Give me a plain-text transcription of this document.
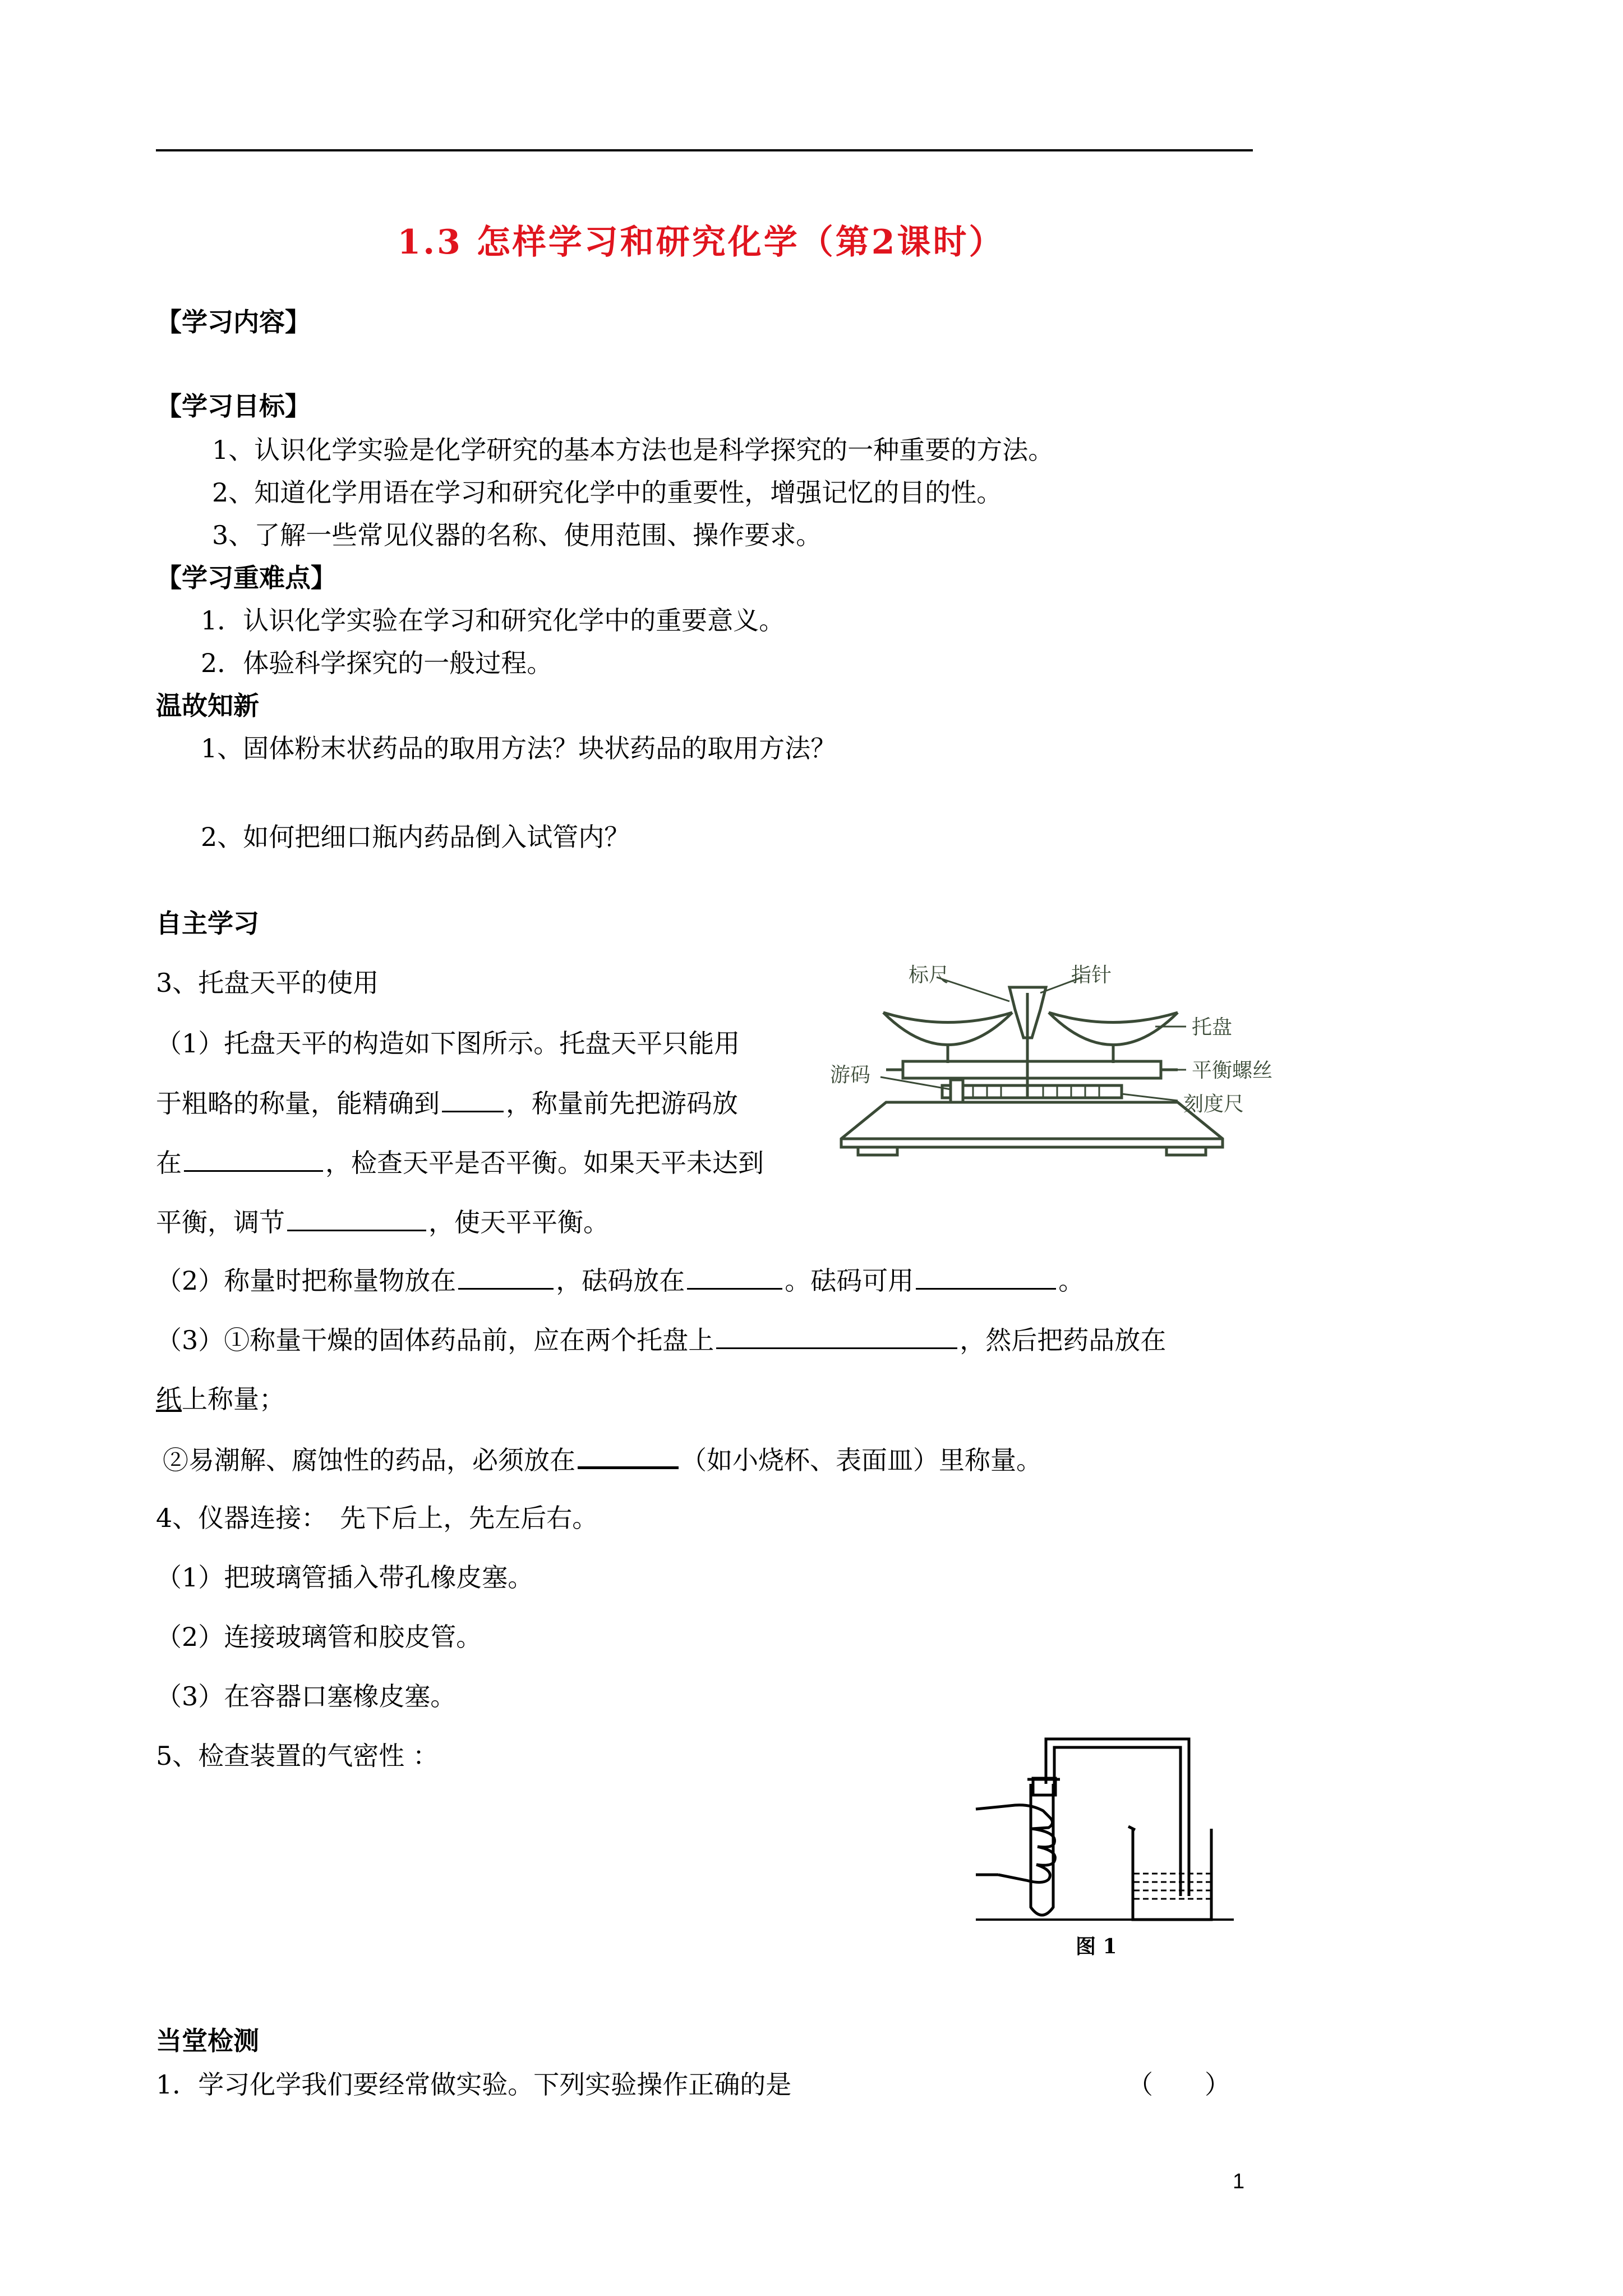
1.3 怎样学习和研究化学（第2课时）
【学习内容】
【学习目标】
1、认识化学实验是化学研究的基本方法也是科学探究的一种重要的方法。
2、知道化学用语在学习和研究化学中的重要性，增强记忆的目的性。
3、了解一些常见仪器的名称、使用范围、操作要求。
【学习重难点】
1．认识化学实验在学习和研究化学中的重要意义。
2．体验科学探究的一般过程。
温故知新
1、固体粉末状药品的取用方法？块状药品的取用方法？
2、如何把细口瓶内药品倒入试管内？
自主学习
3、托盘天平的使用
（1）托盘天平的构造如下图所示。托盘天平只能用
于粗略的称量，能精确到	，称量前先把游码放
在	，检查天平是否平衡。如果天平未达到
平衡，调节	，使天平平衡。
（2）称量时把称量物放在	，砝码放在	。砝码可用	。
（3）①称量干燥的固体药品前，应在两个托盘上	，然后把药品放在
纸上称量；
②易潮解、腐蚀性的药品，必须放在	（如小烧杯、表面皿）里称量。
标尺	指针
托盘
平衡螺丝
刻度尺
游码
4、仪器连接：　先下后上，先左后右。
（1）把玻璃管插入带孔橡皮塞。
（2）连接玻璃管和胶皮管。
（3）在容器口塞橡皮塞。
5、检查装置的气密性 ：
图 1
当堂检测
1．学习化学我们要经常做实验。下列实验操作正确的是	（　　）
1
